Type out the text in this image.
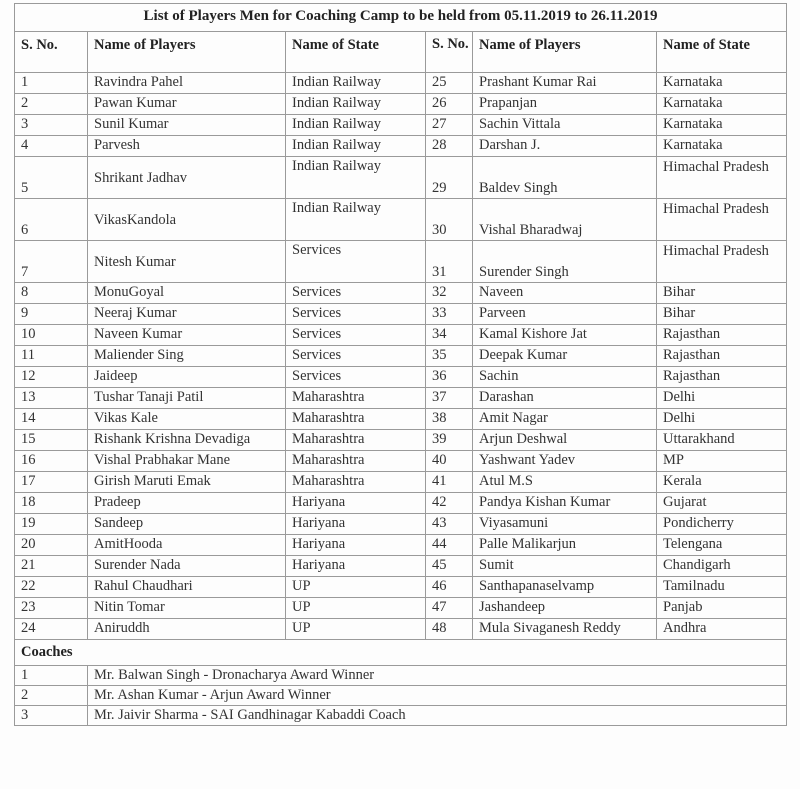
List of Players Men for Coaching Camp to be held from 05.11.2019 to 26.11.2019					
S. No.	Name of Players	Name of State	S. No.	Name of Players	Name of State
1	Ravindra Pahel	Indian Railway	25	Prashant Kumar Rai	Karnataka
2	Pawan Kumar	Indian Railway	26	Prapanjan	Karnataka
3	Sunil Kumar	Indian Railway	27	Sachin Vittala	Karnataka
4	Parvesh	Indian Railway	28	Darshan J.	Karnataka
5	Shrikant Jadhav	Indian Railway	29	Baldev Singh	Himachal Pradesh
6	VikasKandola	Indian Railway	30	Vishal Bharadwaj	Himachal Pradesh
7	Nitesh Kumar	Services	31	Surender Singh	Himachal Pradesh
8	MonuGoyal	Services	32	Naveen	Bihar
9	Neeraj Kumar	Services	33	Parveen	Bihar
10	Naveen Kumar	Services	34	Kamal Kishore Jat	Rajasthan
11	Maliender Sing	Services	35	Deepak Kumar	Rajasthan
12	Jaideep	Services	36	Sachin	Rajasthan
13	Tushar Tanaji Patil	Maharashtra	37	Darashan	Delhi
14	Vikas Kale	Maharashtra	38	Amit Nagar	Delhi
15	Rishank Krishna Devadiga	Maharashtra	39	Arjun Deshwal	Uttarakhand
16	Vishal Prabhakar Mane	Maharashtra	40	Yashwant Yadev	MP
17	Girish Maruti Emak	Maharashtra	41	Atul M.S	Kerala
18	Pradeep	Hariyana	42	Pandya Kishan Kumar	Gujarat
19	Sandeep	Hariyana	43	Viyasamuni	Pondicherry
20	AmitHooda	Hariyana	44	Palle Malikarjun	Telengana
21	Surender Nada	Hariyana	45	Sumit	Chandigarh
22	Rahul Chaudhari	UP	46	Santhapanaselvamp	Tamilnadu
23	Nitin Tomar	UP	47	Jashandeep	Panjab
24	Aniruddh	UP	48	Mula Sivaganesh Reddy	Andhra
Coaches					
1	Mr. Balwan Singh - Dronacharya Award Winner				
2	Mr. Ashan Kumar - Arjun Award Winner				
3	Mr. Jaivir Sharma - SAI Gandhinagar Kabaddi Coach				
